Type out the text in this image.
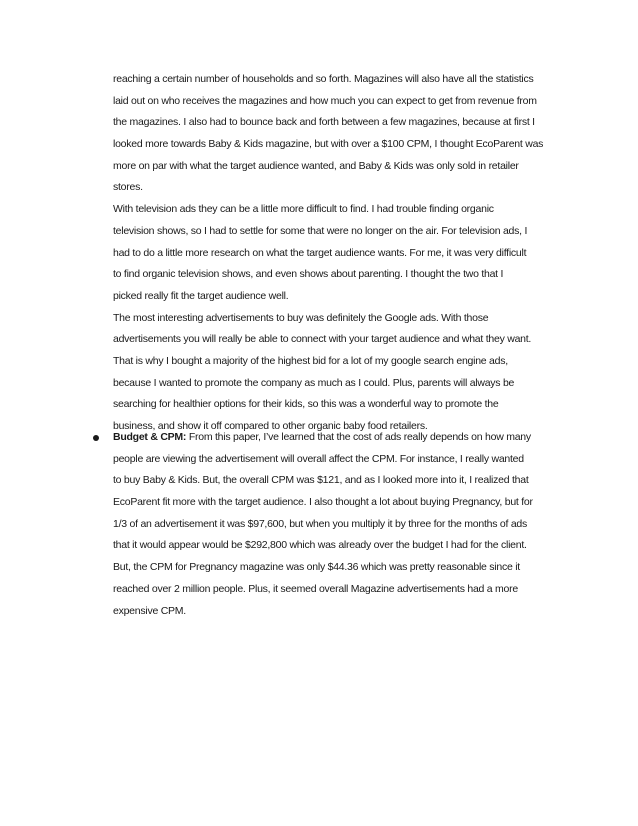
reaching a certain number of households and so forth. Magazines will also have all the statistics
laid out on who receives the magazines and how much you can expect to get from revenue from
the magazines. I also had to bounce back and forth between a few magazines, because at first I
looked more towards Baby & Kids magazine, but with over a $100 CPM, I thought EcoParent was
more on par with what the target audience wanted, and Baby & Kids was only sold in retailer
stores.
With television ads they can be a little more difficult to find. I had trouble finding organic
television shows, so I had to settle for some that were no longer on the air. For television ads, I
had to do a little more research on what the target audience wants. For me, it was very difficult
to find organic television shows, and even shows about parenting. I thought the two that I
picked really fit the target audience well.
The most interesting advertisements to buy was definitely the Google ads. With those
advertisements you will really be able to connect with your target audience and what they want.
That is why I bought a majority of the highest bid for a lot of my google search engine ads,
because I wanted to promote the company as much as I could. Plus, parents will always be
searching for healthier options for their kids, so this was a wonderful way to promote the
business, and show it off compared to other organic baby food retailers.
Budget & CPM: From this paper, I’ve learned that the cost of ads really depends on how many
people are viewing the advertisement will overall affect the CPM. For instance, I really wanted
to buy Baby & Kids. But, the overall CPM was $121, and as I looked more into it, I realized that
EcoParent fit more with the target audience. I also thought a lot about buying Pregnancy, but for
1/3 of an advertisement it was $97,600, but when you multiply it by three for the months of ads
that it would appear would be $292,800 which was already over the budget I had for the client.
But, the CPM for Pregnancy magazine was only $44.36 which was pretty reasonable since it
reached over 2 million people. Plus, it seemed overall Magazine advertisements had a more
expensive CPM.
